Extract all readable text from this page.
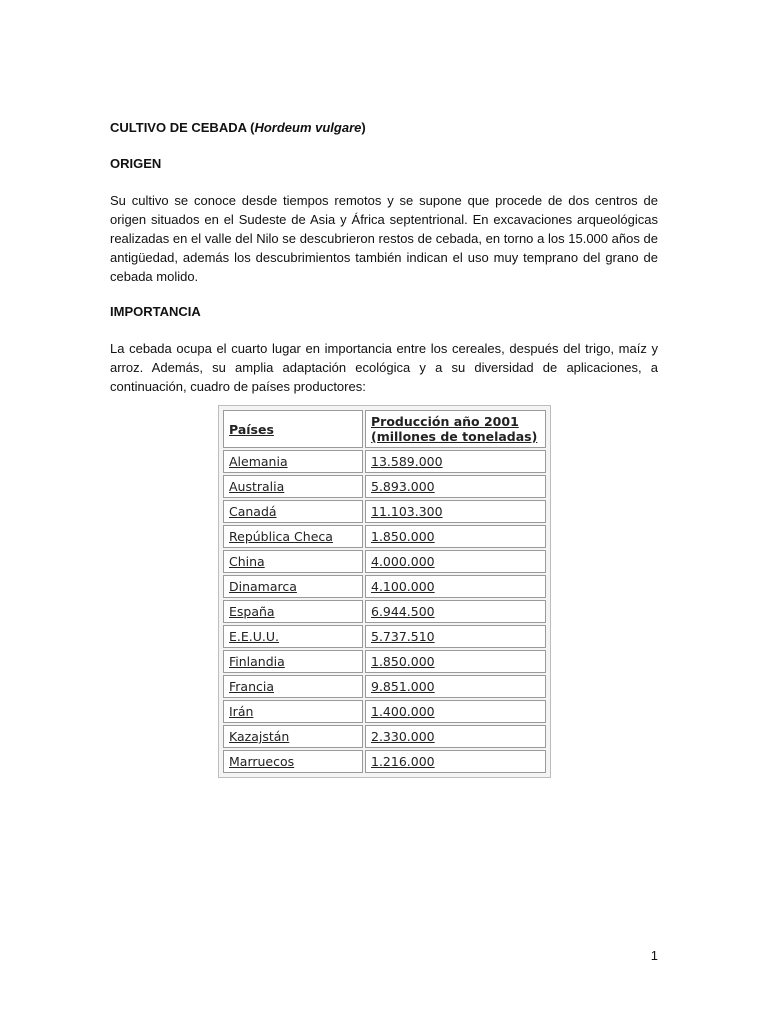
CULTIVO DE CEBADA (Hordeum vulgare)

ORIGEN

Su cultivo se conoce desde tiempos remotos y se supone que procede de dos centros de origen situados en el Sudeste de Asia y África septentrional. En excavaciones arqueológicas realizadas en el valle del Nilo se descubrieron restos de cebada, en torno a los 15.000 años de antigüedad, además los descubrimientos también indican el uso muy temprano del grano de cebada molido.

IMPORTANCIA

La cebada ocupa el cuarto lugar en importancia entre los cereales, después del trigo, maíz y arroz. Además, su amplia adaptación ecológica y a su diversidad de aplicaciones, a continuación, cuadro de países productores:

Países	Producción año 2001
(millones de toneladas)
Alemania	13.589.000
Australia	5.893.000
Canadá	11.103.300
República Checa	1.850.000
China	4.000.000
Dinamarca	4.100.000
España	6.944.500
E.E.U.U.	5.737.510
Finlandia	1.850.000
Francia	9.851.000
Irán	1.400.000
Kazajstán	2.330.000
Marruecos	1.216.000
1
